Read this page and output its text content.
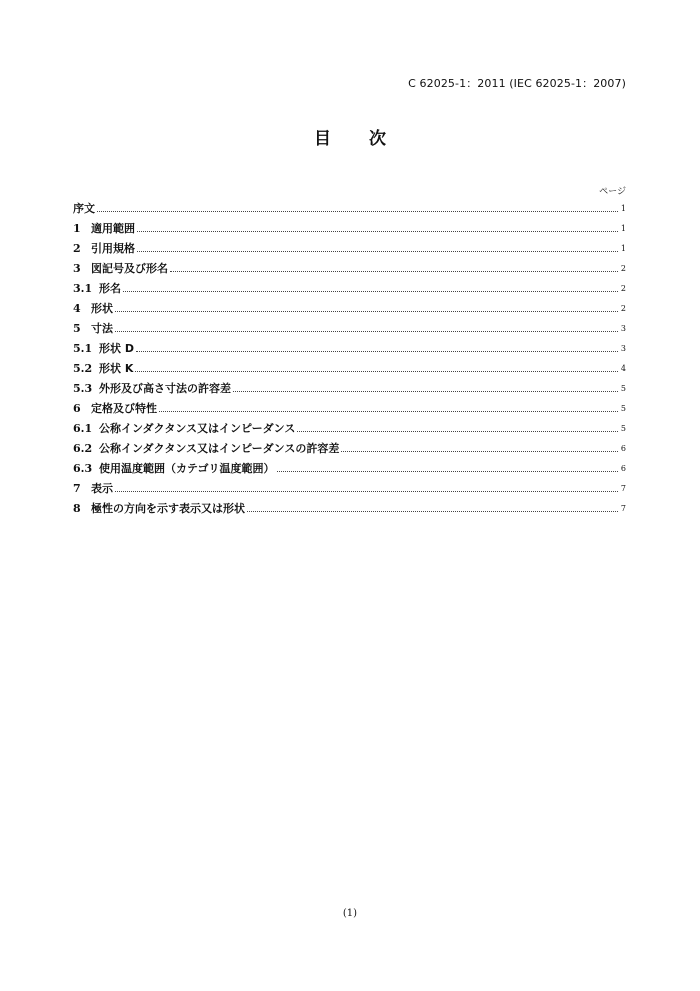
C 62025-1：2011 (IEC 62025-1：2007)
目 次
ページ
序文	1
1 適用範囲	1
2 引用規格	1
3 図記号及び形名	2
3.1 形名	2
4 形状	2
5 寸法	3
5.1 形状 D	3
5.2 形状 K	4
5.3 外形及び高さ寸法の許容差	5
6 定格及び特性	5
6.1 公称インダクタンス又はインピーダンス	5
6.2 公称インダクタンス又はインピーダンスの許容差	6
6.3 使用温度範囲（カテゴリ温度範囲）	6
7 表示	7
8 極性の方向を示す表示又は形状	7
(1)
